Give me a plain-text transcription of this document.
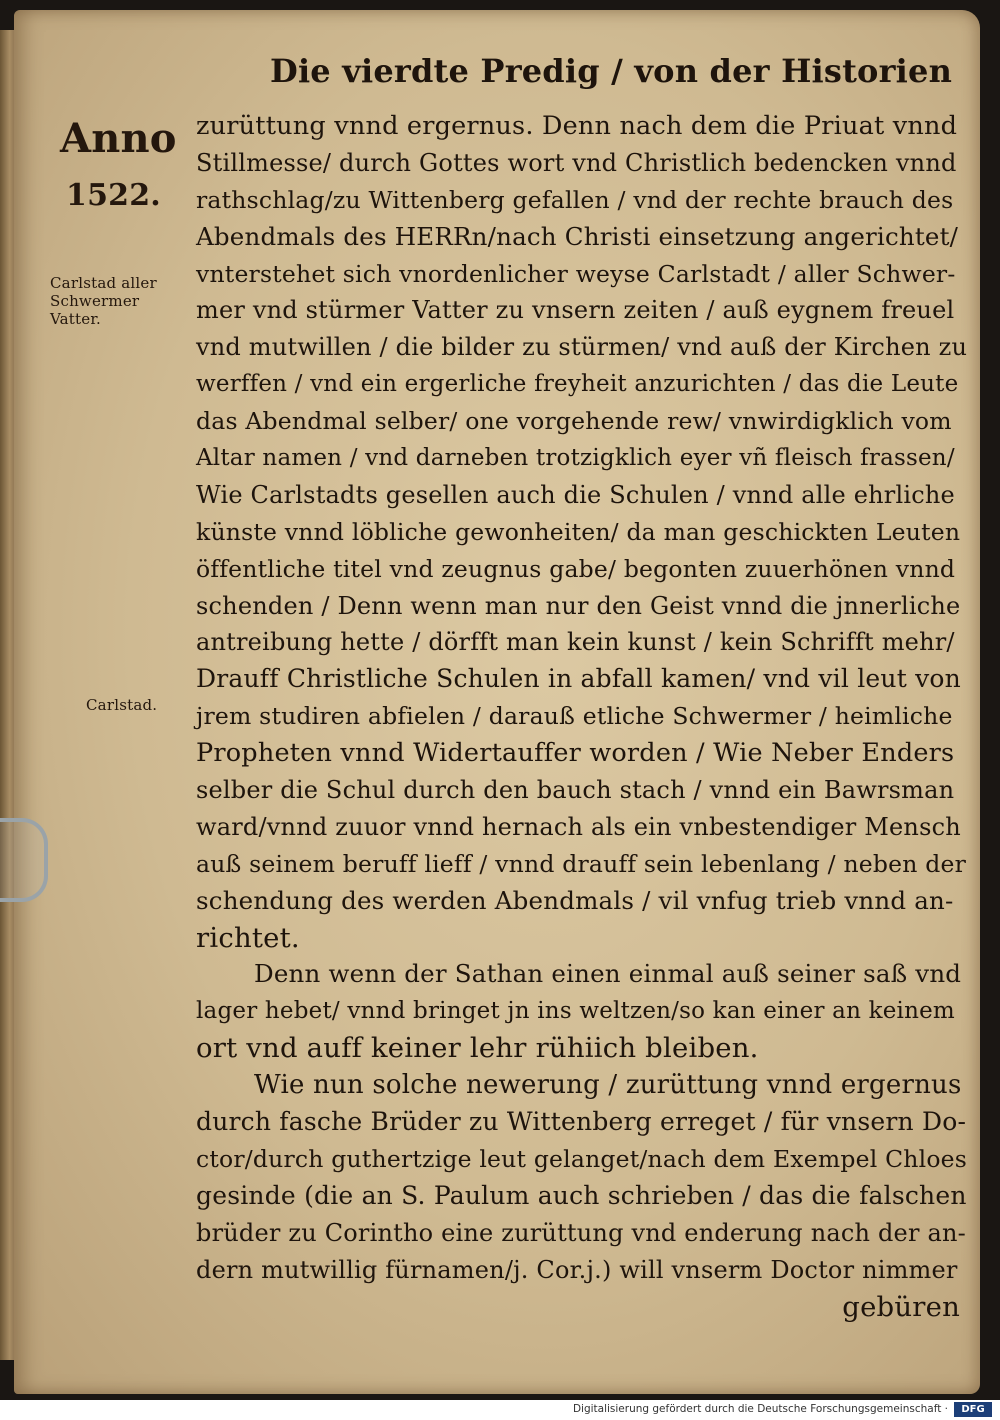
Die vierdte Predig / von der Historien
Anno
1522.
Carlstad aller
Schwermer
Vatter.
Carlstad.
zurüttung vnnd ergernus. Denn nach dem die Priuat vnnd
Stillmesse/ durch Gottes wort vnd Christlich bedencken vnnd
rathschlag/zu Wittenberg gefallen / vnd der rechte brauch des
Abendmals des HERRn/nach Christi einsetzung angerichtet/
vnterstehet sich vnordenlicher weyse Carlstadt / aller Schwer-
mer vnd stürmer Vatter zu vnsern zeiten / auß eygnem freuel
vnd mutwillen / die bilder zu stürmen/ vnd auß der Kirchen zu
werffen / vnd ein ergerliche freyheit anzurichten / das die Leute
das Abendmal selber/ one vorgehende rew/ vnwirdigklich vom
Altar namen / vnd darneben trotzigklich eyer vñ fleisch frassen/
Wie Carlstadts gesellen auch die Schulen / vnnd alle ehrliche
künste vnnd löbliche gewonheiten/ da man geschickten Leuten
öffentliche titel vnd zeugnus gabe/ begonten zuuerhönen vnnd
schenden / Denn wenn man nur den Geist vnnd die jnnerliche
antreibung hette / dörfft man kein kunst / kein Schrifft mehr/
Drauff Christliche Schulen in abfall kamen/ vnd vil leut von
jrem studiren abfielen / darauß etliche Schwermer / heimliche
Propheten vnnd Widertauffer worden / Wie Neber Enders
selber die Schul durch den bauch stach / vnnd ein Bawrsman
ward/vnnd zuuor vnnd hernach als ein vnbestendiger Mensch
auß seinem beruff lieff / vnnd drauff sein lebenlang / neben der
schendung des werden Abendmals / vil vnfug trieb vnnd an-
richtet.
Denn wenn der Sathan einen einmal auß seiner saß vnd
lager hebet/ vnnd bringet jn ins weltzen/so kan einer an keinem
ort vnd auff keiner lehr rühiich bleiben.
Wie nun solche newerung / zurüttung vnnd ergernus
durch fasche Brüder zu Wittenberg erreget / für vnsern Do-
ctor/durch guthertzige leut gelanget/nach dem Exempel Chloes
gesinde (die an S. Paulum auch schrieben / das die falschen
brüder zu Corintho eine zurüttung vnd enderung nach der an-
dern mutwillig fürnamen/j. Cor.j.) will vnserm Doctor nimmer
gebüren
Digitalisierung gefördert durch die Deutsche Forschungsgemeinschaft ·	DFG
